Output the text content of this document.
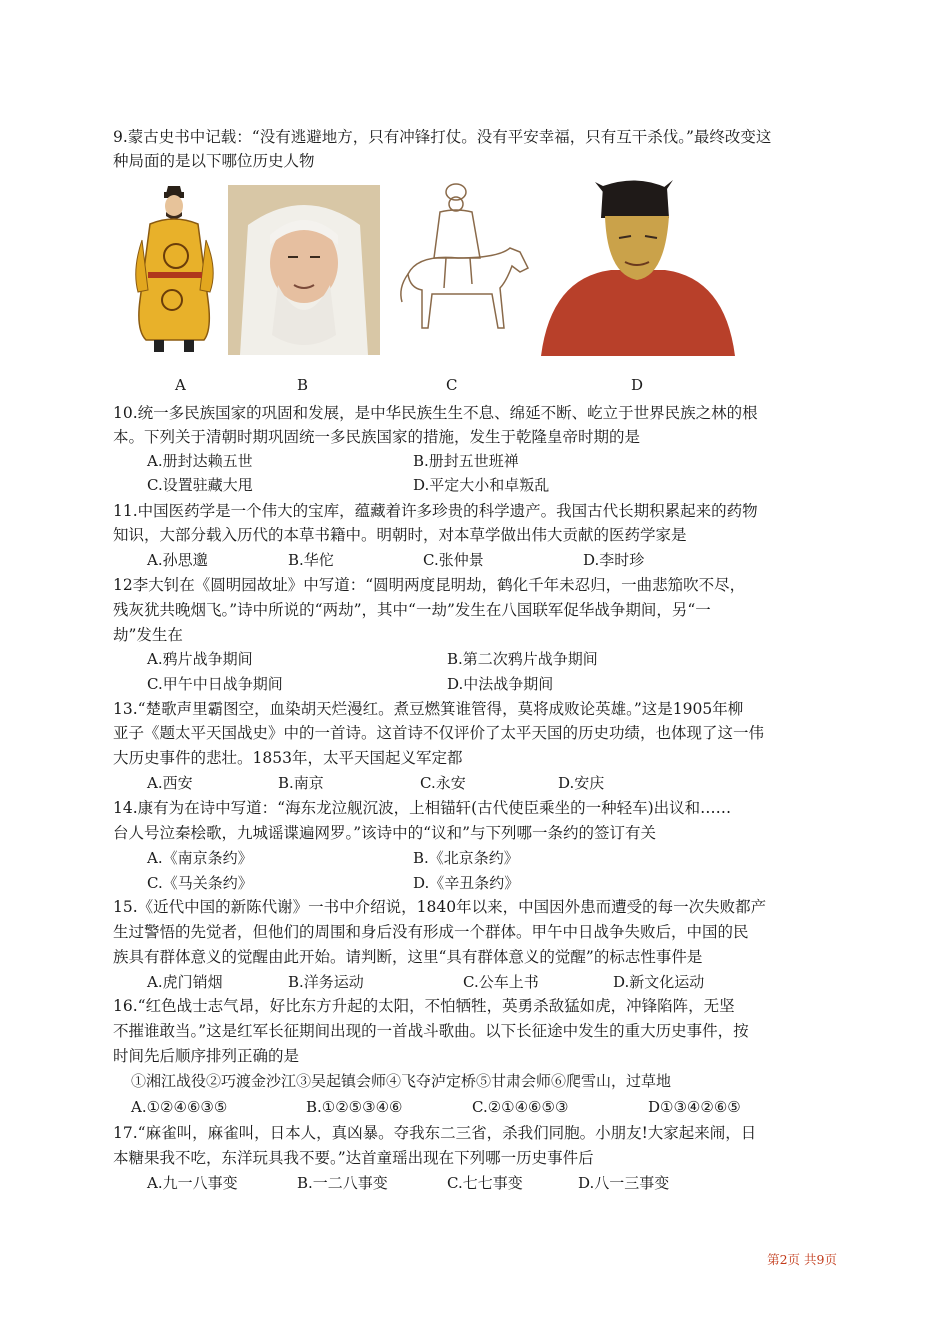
9.蒙古史书中记载：“没有逃避地方，只有冲锋打仗。没有平安幸福，只有互干杀伐。”最终改变这
种局面的是以下哪位历史人物
A	B	C	D
10.统一多民族国家的巩固和发展，是中华民族生生不息、绵延不断、屹立于世界民族之林的根
本。下列关于清朝时期巩固统一多民族国家的措施，发生于乾隆皇帝时期的是
A.册封达赖五世	B.册封五世班禅
C.设置驻藏大甩	D.平定大小和卓叛乱
11.中国医药学是一个伟大的宝库，蕴藏着许多珍贵的科学遗产。我国古代长期积累起来的药物
知识，大部分载入历代的本草书籍中。明朝时，对本草学做出伟大贡献的医药学家是
A.孙思邈	B.华佗	C.张仲景	D.李时珍
12李大钊在《圆明园故址》中写道：“圆明两度昆明劫，鹤化千年未忍归，一曲悲笳吹不尽，
残灰犹共晚烟飞。”诗中所说的“两劫”，其中“一劫”发生在八国联军促华战争期间，另“一
劫”发生在
A.鸦片战争期间	B.第二次鸦片战争期间
C.甲午中日战争期间	D.中法战争期间
13.“楚歌声里霸图空，血染胡天烂漫红。煮豆燃箕谁管得，莫将成败论英雄。”这是1905年柳
亚子《题太平天国战史》中的一首诗。这首诗不仅评价了太平天国的历史功绩，也体现了这一伟
大历史事件的悲壮。1853年，太平天国起义军定都
A.西安	B.南京	C.永安	D.安庆
14.康有为在诗中写道：“海东龙泣舰沉波，上相锚轩(古代使臣乘坐的一种轻车)出议和……
台人号泣秦桧歌，九城谣谍遍网罗。”该诗中的“议和”与下列哪一条约的签订有关
A.《南京条约》	B.《北京条约》
C.《马关条约》	D.《辛丑条约》
15.《近代中国的新陈代谢》一书中介绍说，1840年以来，中国因外患而遭受的每一次失败都产
生过警悟的先觉者，但他们的周围和身后没有形成一个群体。甲午中日战争失败后，中国的民
族具有群体意义的觉醒由此开始。请判断，这里“具有群体意义的觉醒”的标志性事件是
A.虎门销烟	B.洋务运动	C.公车上书	D.新文化运动
16.“红色战士志气昂，好比东方升起的太阳，不怕牺牲，英勇杀敌猛如虎，冲锋陷阵，无坚
不摧谁敢当。”这是红军长征期间出现的一首战斗歌曲。以下长征途中发生的重大历史事件，按
时间先后顺序排列正确的是
①湘江战役②巧渡金沙江③吴起镇会师④飞夺泸定桥⑤甘肃会师⑥爬雪山，过草地
A.①②④⑥③⑤	B.①②⑤③④⑥	C.②①④⑥⑤③	D①③④②⑥⑤
17.“麻雀叫，麻雀叫，日本人，真凶暴。夺我东二三省，杀我们同胞。小朋友!大家起来闹，日
本糖果我不吃，东洋玩具我不要。”达首童瑶出现在下列哪一历史事件后
A.九一八事变	B.一二八事变	C.七七事变	D.八一三事变
第2页 共9页
